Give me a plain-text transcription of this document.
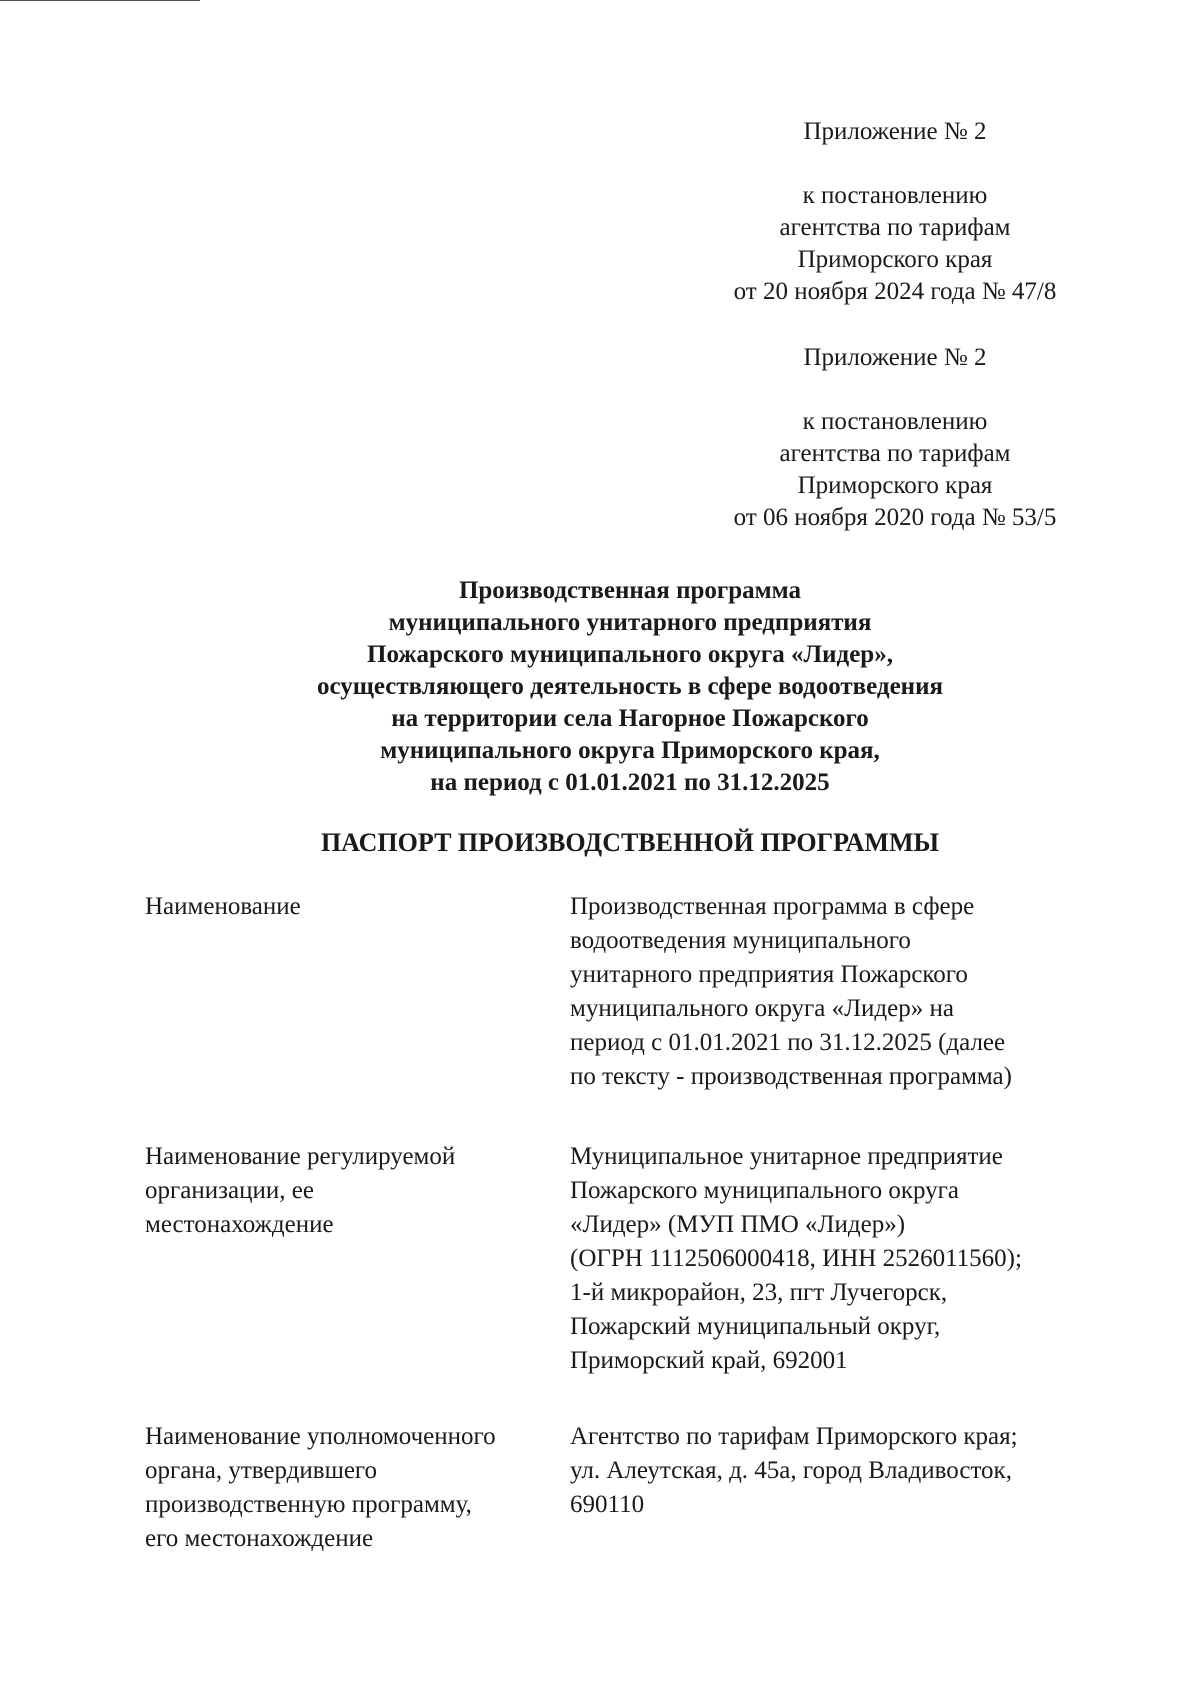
Приложение № 2
к постановлению
агентства по тарифам
Приморского края
от 20 ноября 2024 года № 47/8
Приложение № 2
к постановлению
агентства по тарифам
Приморского края
от 06 ноября 2020 года № 53/5
Производственная программа
муниципального унитарного предприятия
Пожарского муниципального округа «Лидер»,
осуществляющего деятельность в сфере водоотведения
на территории села Нагорное Пожарского
муниципального округа Приморского края,
на период с 01.01.2021 по 31.12.2025
ПАСПОРТ ПРОИЗВОДСТВЕННОЙ ПРОГРАММЫ
Наименование	Производственная программа в сфере
водоотведения муниципального
унитарного предприятия Пожарского
муниципального округа «Лидер» на
период с 01.01.2021 по 31.12.2025 (далее
по тексту - производственная программа)
Наименование регулируемой
организации, ее
местонахождение
Муниципальное унитарное предприятие
Пожарского муниципального округа
«Лидер» (МУП ПМО «Лидер»)
(ОГРН 1112506000418, ИНН 2526011560);
1-й микрорайон, 23, пгт Лучегорск,
Пожарский муниципальный округ,
Приморский край, 692001
Наименование уполномоченного
органа, утвердившего
производственную программу,
его местонахождение
Агентство по тарифам Приморского края;
ул. Алеутская, д. 45а, город Владивосток,
690110
